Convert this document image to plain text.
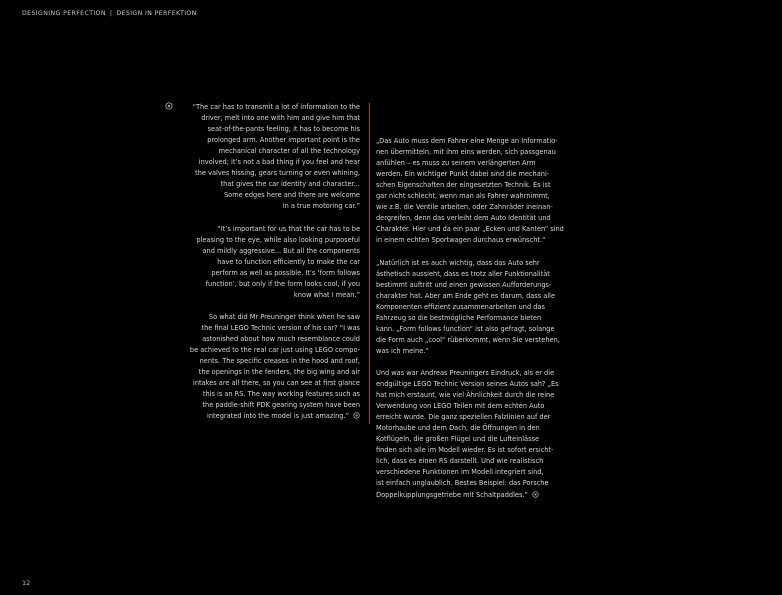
DESIGNING PERFECTION | DESIGN IN PERFEKTION

“The car has to transmit a lot of information to the
driver, melt into one with him and give him that
seat-of-the-pants feeling; it has to become his
prolonged arm. Another important point is the
mechanical character of all the technology
involved; it’s not a bad thing if you feel and hear
the valves hissing, gears turning or even whining,
that gives the car identity and character...
Some edges here and there are welcome
in a true motoring car.”

“It’s important for us that the car has to be
pleasing to the eye, while also looking purposeful
and mildly aggressive... But all the components
have to function efficiently to make the car
perform as well as possible. It’s ‘form follows
function’, but only if the form looks cool, if you
know what I mean.”

So what did Mr Preuninger think when he saw
the final LEGO Technic version of his car? “I was
astonished about how much resemblance could
be achieved to the real car just using LEGO compo-
nents. The specific creases in the hood and roof,
the openings in the fenders, the big wing and air
intakes are all there, so you can see at first glance
this is an RS. The way working features such as
the paddle-shift PDK gearing system have been
integrated into the model is just amazing.”

„Das Auto muss dem Fahrer eine Menge an Informatio-
nen übermitteln, mit ihm eins werden, sich passgenau
anfühlen – es muss zu seinem verlängerten Arm
werden. Ein wichtiger Punkt dabei sind die mechani-
schen Eigenschaften der eingesetzten Technik. Es ist
gar nicht schlecht, wenn man als Fahrer wahrnimmt,
wie z.B. die Ventile arbeiten, oder Zahnräder ineinan-
dergreifen, denn das verleiht dem Auto Identität und
Charakter. Hier und da ein paar „Ecken und Kanten“ sind
in einem echten Sportwagen durchaus erwünscht.“

„Natürlich ist es auch wichtig, dass das Auto sehr
ästhetisch aussieht, dass es trotz aller Funktionalität
bestimmt auftritt und einen gewissen Aufforderungs-
charakter hat. Aber am Ende geht es darum, dass alle
Komponenten effizient zusammenarbeiten und das
Fahrzeug so die bestmögliche Performance bieten
kann. „Form follows function“ ist also gefragt, solange
die Form auch „cool“ rüberkommt, wenn Sie verstehen,
was ich meine.“

Und was war Andreas Preuningers Eindruck, als er die
endgültige LEGO Technic Version seines Autos sah? „Es
hat mich erstaunt, wie viel Ähnlichkeit durch die reine
Verwendung von LEGO Teilen mit dem echten Auto
erreicht wurde. Die ganz speziellen Falzlinien auf der
Motorhaube und dem Dach, die Öffnungen in den
Kotflügeln, die großen Flügel und die Lufteinlässe
finden sich alle im Modell wieder. Es ist sofort ersicht-
lich, dass es einen RS darstellt. Und wie realistisch
verschiedene Funktionen im Modell integriert sind,
ist einfach unglaublich. Bestes Beispiel: das Porsche
Doppelkupplungsgetriebe mit Schaltpaddles.“

12
